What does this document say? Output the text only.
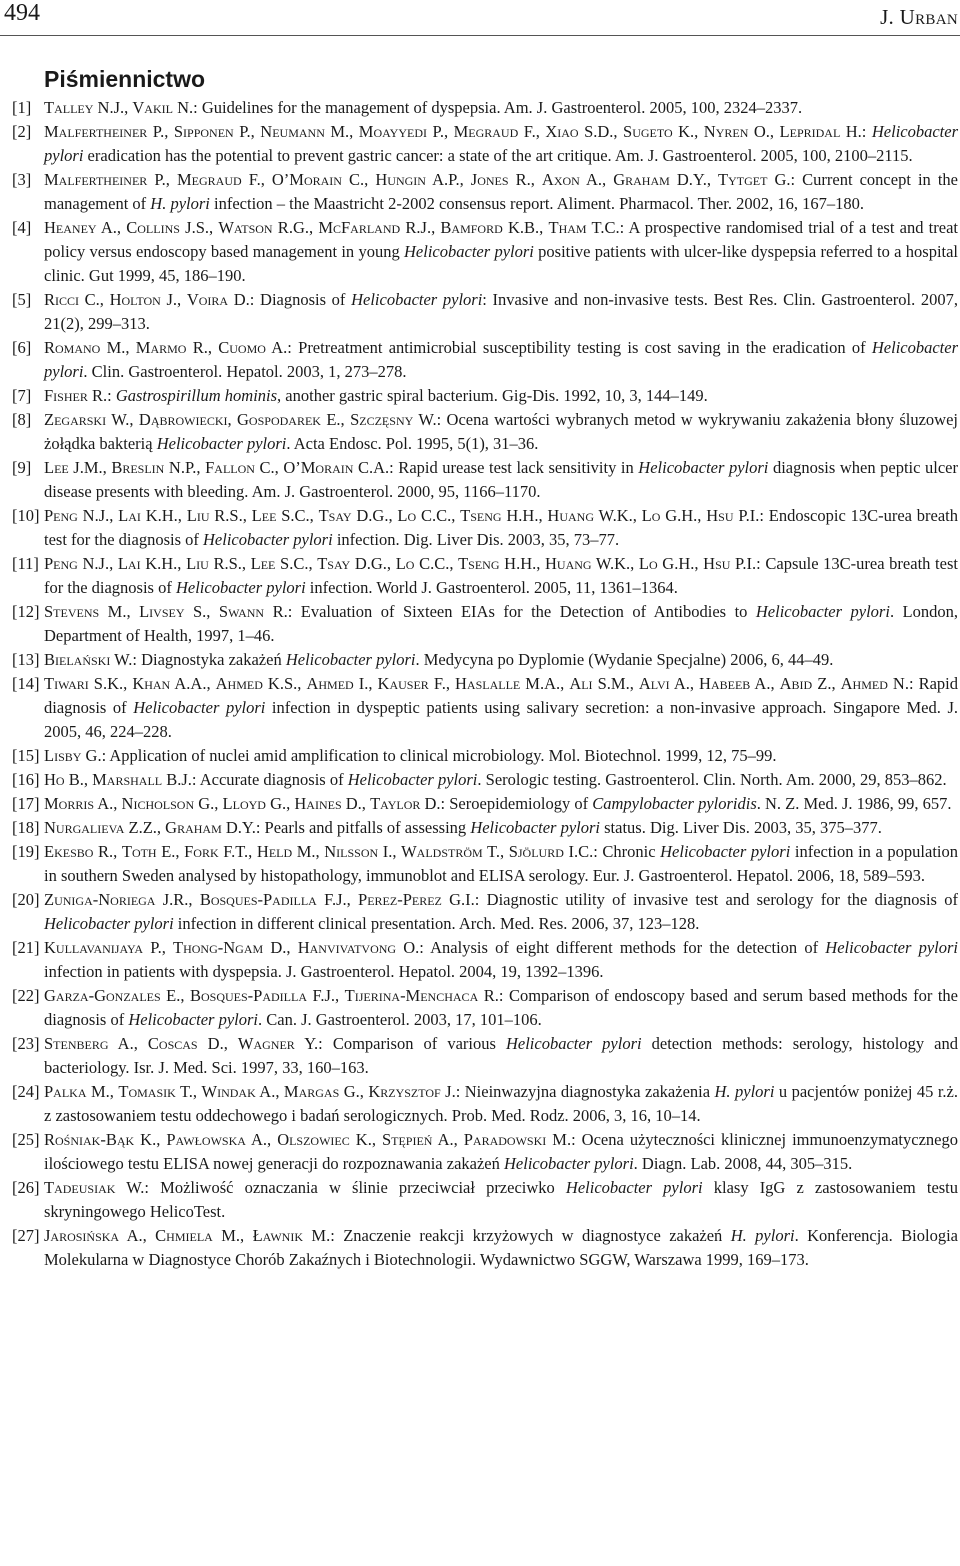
494	J. Urban
Piśmiennictwo
[1] Talley N.J., Vakil N.: Guidelines for the management of dyspepsia. Am. J. Gastroenterol. 2005, 100, 2324–2337.
[2] Malfertheiner P., Sipponen P., Neumann M., Moayyedi P., Megraud F., Xiao S.D., Sugeto K., Nyren O., Lepridal H.: Helicobacter pylori eradication has the potential to prevent gastric cancer: a state of the art critique. Am. J. Gastroenterol. 2005, 100, 2100–2115.
[3] Malfertheiner P., Megraud F., O’Morain C., Hungin A.P., Jones R., Axon A., Graham D.Y., Tytget G.: Current concept in the management of H. pylori infection – the Maastricht 2-2002 consensus report. Aliment. Pharmacol. Ther. 2002, 16, 167–180.
[4] Heaney A., Collins J.S., Watson R.G., McFarland R.J., Bamford K.B., Tham T.C.: A prospective randomised trial of a test and treat policy versus endoscopy based management in young Helicobacter pylori positive patients with ulcer-like dyspepsia referred to a hospital clinic. Gut 1999, 45, 186–190.
[5] Ricci C., Holton J., Voira D.: Diagnosis of Helicobacter pylori: Invasive and non-invasive tests. Best Res. Clin. Gastroenterol. 2007, 21(2), 299–313.
[6] Romano M., Marmo R., Cuomo A.: Pretreatment antimicrobial susceptibility testing is cost saving in the eradication of Helicobacter pylori. Clin. Gastroenterol. Hepatol. 2003, 1, 273–278.
[7] Fisher R.: Gastrospirillum hominis, another gastric spiral bacterium. Gig-Dis. 1992, 10, 3, 144–149.
[8] Zegarski W., Dąbrowiecki, Gospodarek E., Szczęsny W.: Ocena wartości wybranych metod w wykrywaniu zakażenia błony śluzowej żołądka bakterią Helicobacter pylori. Acta Endosc. Pol. 1995, 5(1), 31–36.
[9] Lee J.M., Breslin N.P., Fallon C., O’Morain C.A.: Rapid urease test lack sensitivity in Helicobacter pylori diagnosis when peptic ulcer disease presents with bleeding. Am. J. Gastroenterol. 2000, 95, 1166–1170.
[10] Peng N.J., Lai K.H., Liu R.S., Lee S.C., Tsay D.G., Lo C.C., Tseng H.H., Huang W.K., Lo G.H., Hsu P.I.: Endoscopic 13C-urea breath test for the diagnosis of Helicobacter pylori infection. Dig. Liver Dis. 2003, 35, 73–77.
[11] Peng N.J., Lai K.H., Liu R.S., Lee S.C., Tsay D.G., Lo C.C., Tseng H.H., Huang W.K., Lo G.H., Hsu P.I.: Capsule 13C-urea breath test for the diagnosis of Helicobacter pylori infection. World J. Gastroenterol. 2005, 11, 1361–1364.
[12] Stevens M., Livsey S., Swann R.: Evaluation of Sixteen EIAs for the Detection of Antibodies to Helicobacter pylori. London, Department of Health, 1997, 1–46.
[13] Bielański W.: Diagnostyka zakażeń Helicobacter pylori. Medycyna po Dyplomie (Wydanie Specjalne) 2006, 6, 44–49.
[14] Tiwari S.K., Khan A.A., Ahmed K.S., Ahmed I., Kauser F., Haslalle M.A., Ali S.M., Alvi A., Habeeb A., Abid Z., Ahmed N.: Rapid diagnosis of Helicobacter pylori infection in dyspeptic patients using salivary secretion: a non-invasive approach. Singapore Med. J. 2005, 46, 224–228.
[15] Lisby G.: Application of nuclei amid amplification to clinical microbiology. Mol. Biotechnol. 1999, 12, 75–99.
[16] Ho B., Marshall B.J.: Accurate diagnosis of Helicobacter pylori. Serologic testing. Gastroenterol. Clin. North. Am. 2000, 29, 853–862.
[17] Morris A., Nicholson G., Lloyd G., Haines D., Taylor D.: Seroepidemiology of Campylobacter pyloridis. N. Z. Med. J. 1986, 99, 657.
[18] Nurgalieva Z.Z., Graham D.Y.: Pearls and pitfalls of assessing Helicobacter pylori status. Dig. Liver Dis. 2003, 35, 375–377.
[19] Ekesbo R., Toth E., Fork F.T., Held M., Nilsson I., Waldström T., Sjölurd I.C.: Chronic Helicobacter pylori infection in a population in southern Sweden analysed by histopathology, immunoblot and ELISA serology. Eur. J. Gastroenterol. Hepatol. 2006, 18, 589–593.
[20] Zuniga-Noriega J.R., Bosques-Padilla F.J., Perez-Perez G.I.: Diagnostic utility of invasive test and serology for the diagnosis of Helicobacter pylori infection in different clinical presentation. Arch. Med. Res. 2006, 37, 123–128.
[21] Kullavanijaya P., Thong-Ngam D., Hanvivatvong O.: Analysis of eight different methods for the detection of Helicobacter pylori infection in patients with dyspepsia. J. Gastroenterol. Hepatol. 2004, 19, 1392–1396.
[22] Garza-Gonzales E., Bosques-Padilla F.J., Tijerina-Menchaca R.: Comparison of endoscopy based and serum based methods for the diagnosis of Helicobacter pylori. Can. J. Gastroenterol. 2003, 17, 101–106.
[23] Stenberg A., Coscas D., Wagner Y.: Comparison of various Helicobacter pylori detection methods: serology, histology and bacteriology. Isr. J. Med. Sci. 1997, 33, 160–163.
[24] Palka M., Tomasik T., Windak A., Margas G., Krzysztof J.: Nieinwazyjna diagnostyka zakażenia H. pylori u pacjentów poniżej 45 r.ż. z zastosowaniem testu oddechowego i badań serologicznych. Prob. Med. Rodz. 2006, 3, 16, 10–14.
[25] Rośniak-Bąk K., Pawłowska A., Olszowiec K., Stępień A., Paradowski M.: Ocena użyteczności klinicznej immunoenzymatycznego ilościowego testu ELISA nowej generacji do rozpoznawania zakażeń Helicobacter pylori. Diagn. Lab. 2008, 44, 305–315.
[26] Tadeusiak W.: Możliwość oznaczania w ślinie przeciwciał przeciwko Helicobacter pylori klasy IgG z zastosowaniem testu skryningowego HelicoTest.
[27] Jarosińska A., Chmiela M., Ławnik M.: Znaczenie reakcji krzyżowych w diagnostyce zakażeń H. pylori. Konferencja. Biologia Molekularna w Diagnostyce Chorób Zakaźnych i Biotechnologii. Wydawnictwo SGGW, Warszawa 1999, 169–173.
